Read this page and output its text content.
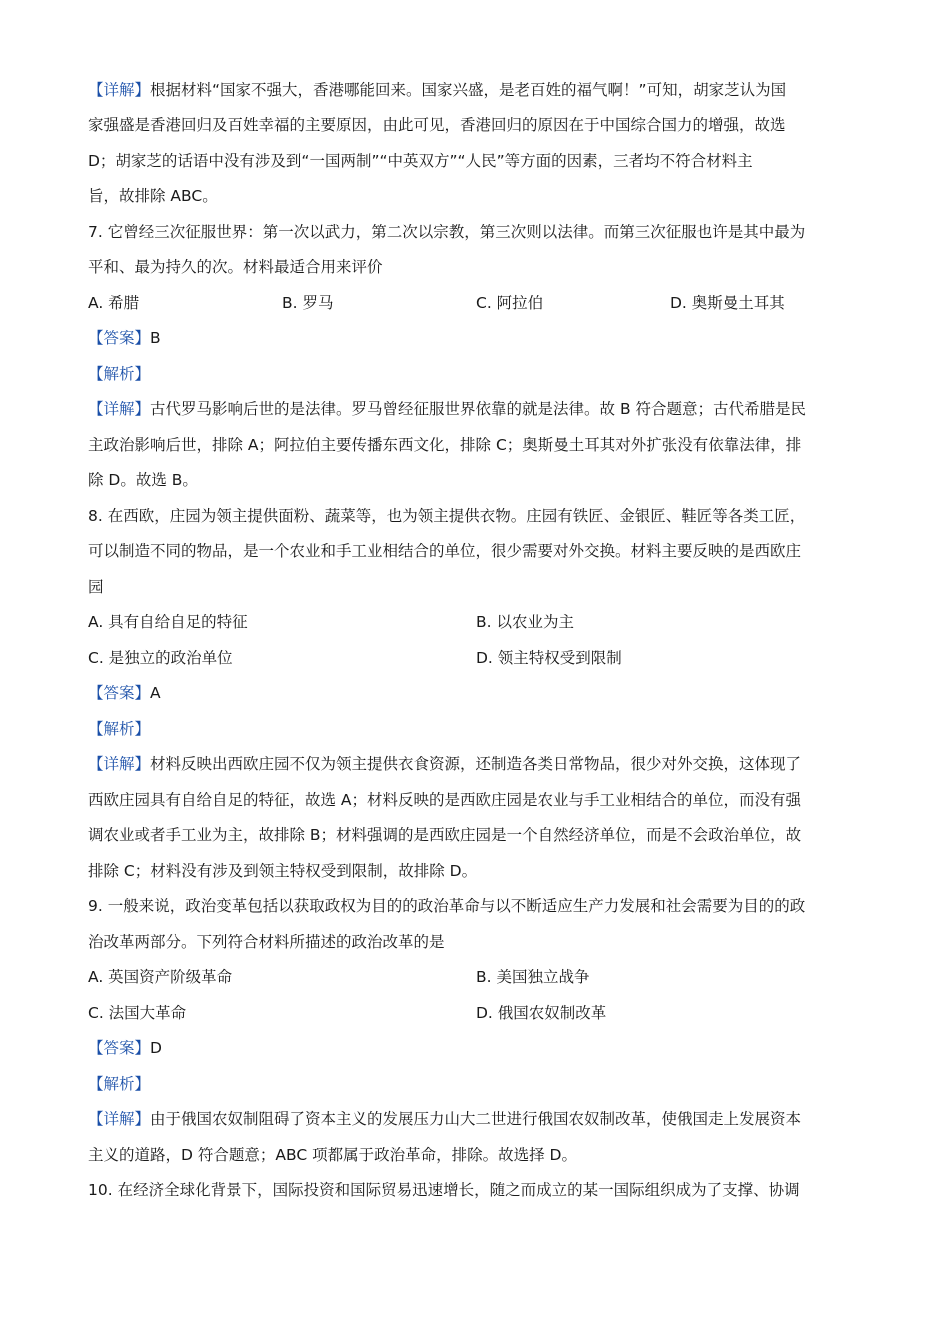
【详解】 根据材料“国家不强大，香港哪能回来。国家兴盛，是老百姓的福气啊！”可知，胡家芝认为国
家强盛是香港回归及百姓幸福的主要原因，由此可见，香港回归的原因在于中国综合国力的增强，故选
D；胡家芝的话语中没有涉及到“一国两制”“中英双方”“人民”等方面的因素，三者均不符合材料主
旨，故排除 ABC。
7. 它曾经三次征服世界：第一次以武力，第二次以宗教，第三次则以法律。而第三次征服也许是其中最为
平和、最为持久的次。材料最适合用来评价
A. 希腊	B. 罗马	C. 阿拉伯	D. 奥斯曼土耳其
【答案】 B
【解析】
【详解】 古代罗马影响后世的是法律。罗马曾经征服世界依靠的就是法律。故 B 符合题意；古代希腊是民
主政治影响后世，排除 A；阿拉伯主要传播东西文化，排除 C；奥斯曼土耳其对外扩张没有依靠法律，排
除 D。故选 B。
8. 在西欧，庄园为领主提供面粉、蔬菜等，也为领主提供衣物。庄园有铁匠、金银匠、鞋匠等各类工匠，
可以制造不同的物品，是一个农业和手工业相结合的单位，很少需要对外交换。材料主要反映的是西欧庄
园
A. 具有自给自足的特征	B. 以农业为主
C. 是独立的政治单位	D. 领主特权受到限制
【答案】 A
【解析】
【详解】 材料反映出西欧庄园不仅为领主提供衣食资源，还制造各类日常物品，很少对外交换，这体现了
西欧庄园具有自给自足的特征，故选 A；材料反映的是西欧庄园是农业与手工业相结合的单位，而没有强
调农业或者手工业为主，故排除 B；材料强调的是西欧庄园是一个自然经济单位，而是不会政治单位，故
排除 C；材料没有涉及到领主特权受到限制，故排除 D。
9. 一般来说，政治变革包括以获取政权为目的的政治革命与以不断适应生产力发展和社会需要为目的的政
治改革两部分。下列符合材料所描述的政治改革的是
A. 英国资产阶级革命	B. 美国独立战争
C. 法国大革命	D. 俄国农奴制改革
【答案】 D
【解析】
【详解】 由于俄国农奴制阻碍了资本主义的发展压力山大二世进行俄国农奴制改革，使俄国走上发展资本
主义的道路，D 符合题意；ABC 项都属于政治革命，排除。故选择 D。
10. 在经济全球化背景下，国际投资和国际贸易迅速增长，随之而成立的某一国际组织成为了支撑、协调
